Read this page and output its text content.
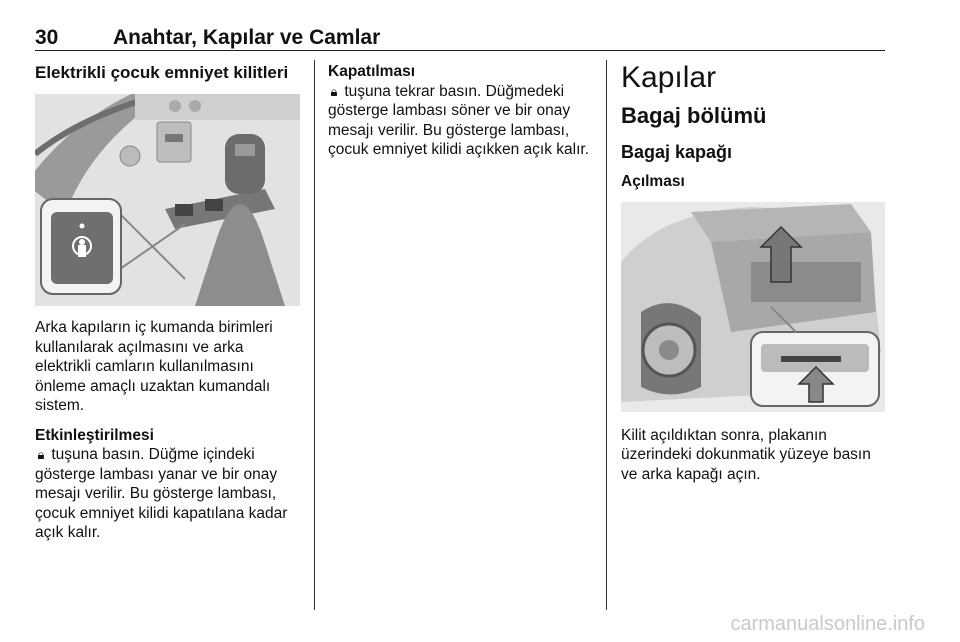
30	Anahtar, Kapılar ve Camlar
Elektrikli çocuk emniyet kilitleri

Arka kapıların iç kumanda birimleri kullanılarak açılmasını ve arka elektrikli camların kullanılmasını önleme amaçlı uzaktan kumandalı sistem.

Etkinleştirilmesi

🔒︎ tuşuna basın. Düğme içindeki gösterge lambası yanar ve bir onay mesajı verilir. Bu gösterge lambası, çocuk emniyet kilidi kapatılana kadar açık kalır.

Kapatılması

🔒︎ tuşuna tekrar basın. Düğmedeki gösterge lambası söner ve bir onay mesajı verilir. Bu gösterge lambası, çocuk emniyet kilidi açıkken açık kalır.

Kapılar
Bagaj bölümü
Bagaj kapağı
Açılması

Kilit açıldıktan sonra, plakanın üzerindeki dokunmatik yüzeye basın ve arka kapağı açın.

carmanualsonline.info
